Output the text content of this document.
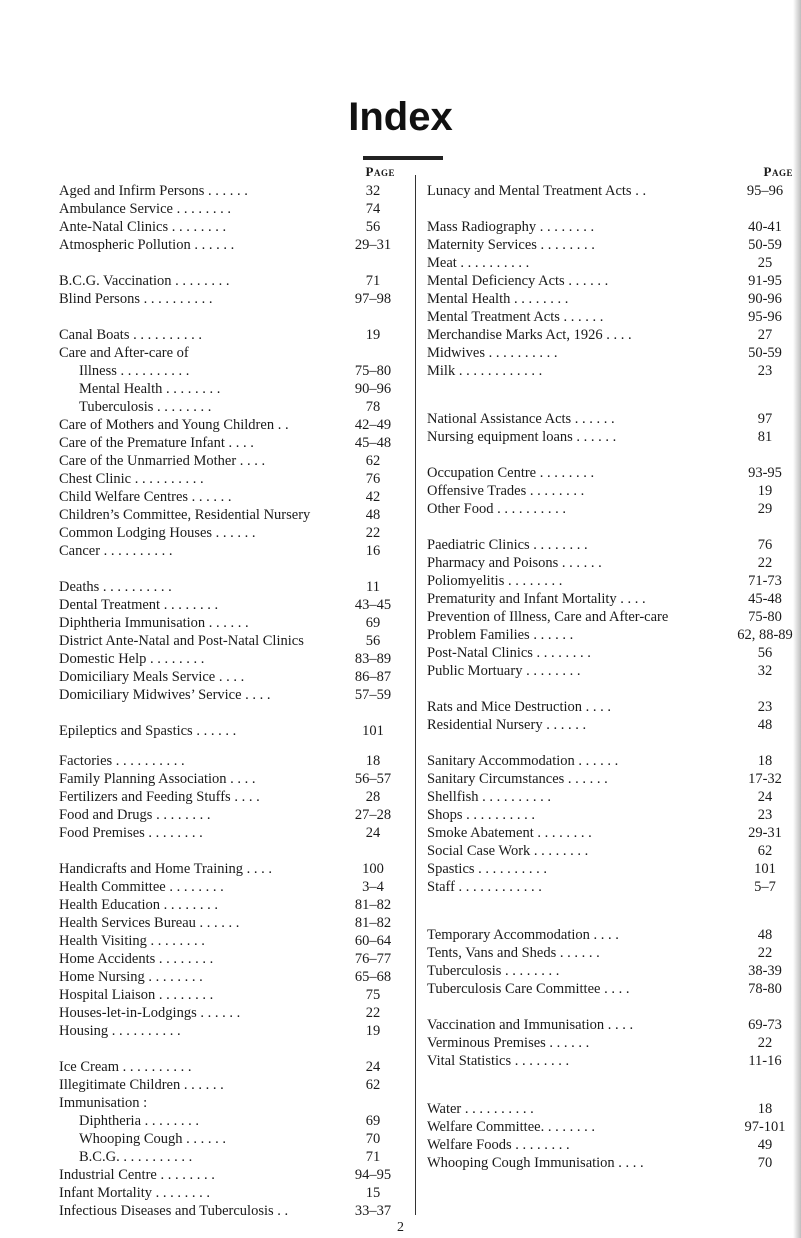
Index
Page
Aged and Infirm Persons . . . . . .	32
Ambulance Service . . . . . . . .	74
Ante-Natal Clinics . . . . . . . .	56
Atmospheric Pollution . . . . . .	29–31
B.C.G. Vaccination . . . . . . . .	71
Blind Persons . . . . . . . . . .	97–98
Canal Boats . . . . . . . . . .	19
Care and After-care of
Illness . . . . . . . . . .	75–80
Mental Health . . . . . . . .	90–96
Tuberculosis . . . . . . . .	78
Care of Mothers and Young Children . .	42–49
Care of the Premature Infant . . . .	45–48
Care of the Unmarried Mother . . . .	62
Chest Clinic . . . . . . . . . .	76
Child Welfare Centres . . . . . .	42
Children’s Committee, Residential Nursery	48
Common Lodging Houses . . . . . .	22
Cancer . . . . . . . . . .	16
Deaths . . . . . . . . . .	11
Dental Treatment . . . . . . . .	43–45
Diphtheria Immunisation . . . . . .	69
District Ante-Natal and Post-Natal Clinics	56
Domestic Help . . . . . . . .	83–89
Domiciliary Meals Service . . . .	86–87
Domiciliary Midwives’ Service . . . .	57–59
Epileptics and Spastics . . . . . .	101
Factories . . . . . . . . . .	18
Family Planning Association . . . .	56–57
Fertilizers and Feeding Stuffs . . . .	28
Food and Drugs . . . . . . . .	27–28
Food Premises . . . . . . . .	24
Handicrafts and Home Training . . . .	100
Health Committee . . . . . . . .	3–4
Health Education . . . . . . . .	81–82
Health Services Bureau . . . . . .	81–82
Health Visiting . . . . . . . .	60–64
Home Accidents . . . . . . . .	76–77
Home Nursing . . . . . . . .	65–68
Hospital Liaison . . . . . . . .	75
Houses-let-in-Lodgings . . . . . .	22
Housing . . . . . . . . . .	19
Ice Cream . . . . . . . . . .	24
Illegitimate Children . . . . . .	62
Immunisation :
Diphtheria . . . . . . . .	69
Whooping Cough . . . . . .	70
B.C.G. . . . . . . . . . .	71
Industrial Centre . . . . . . . .	94–95
Infant Mortality . . . . . . . .	15
Infectious Diseases and Tuberculosis . .	33–37
Page
Lunacy and Mental Treatment Acts . .	95–96
Mass Radiography . . . . . . . .	40-41
Maternity Services . . . . . . . .	50-59
Meat . . . . . . . . . .	25
Mental Deficiency Acts . . . . . .	91-95
Mental Health . . . . . . . .	90-96
Mental Treatment Acts . . . . . .	95-96
Merchandise Marks Act, 1926 . . . .	27
Midwives . . . . . . . . . .	50-59
Milk . . . . . . . . . . . .	23
National Assistance Acts . . . . . .	97
Nursing equipment loans . . . . . .	81
Occupation Centre . . . . . . . .	93-95
Offensive Trades . . . . . . . .	19
Other Food . . . . . . . . . .	29
Paediatric Clinics . . . . . . . .	76
Pharmacy and Poisons . . . . . .	22
Poliomyelitis . . . . . . . .	71-73
Prematurity and Infant Mortality . . . .	45-48
Prevention of Illness, Care and After-care	75-80
Problem Families . . . . . .	62, 88-89
Post-Natal Clinics . . . . . . . .	56
Public Mortuary . . . . . . . .	32
Rats and Mice Destruction . . . .	23
Residential Nursery . . . . . .	48
Sanitary Accommodation . . . . . .	18
Sanitary Circumstances . . . . . .	17-32
Shellfish . . . . . . . . . .	24
Shops . . . . . . . . . .	23
Smoke Abatement . . . . . . . .	29-31
Social Case Work . . . . . . . .	62
Spastics . . . . . . . . . .	101
Staff . . . . . . . . . . . .	5–7
Temporary Accommodation . . . .	48
Tents, Vans and Sheds . . . . . .	22
Tuberculosis . . . . . . . .	38-39
Tuberculosis Care Committee . . . .	78-80
Vaccination and Immunisation . . . .	69-73
Verminous Premises . . . . . .	22
Vital Statistics . . . . . . . .	11-16
Water . . . . . . . . . .	18
Welfare Committee. . . . . . . .	97-101
Welfare Foods . . . . . . . .	49
Whooping Cough Immunisation . . . .	70
2
